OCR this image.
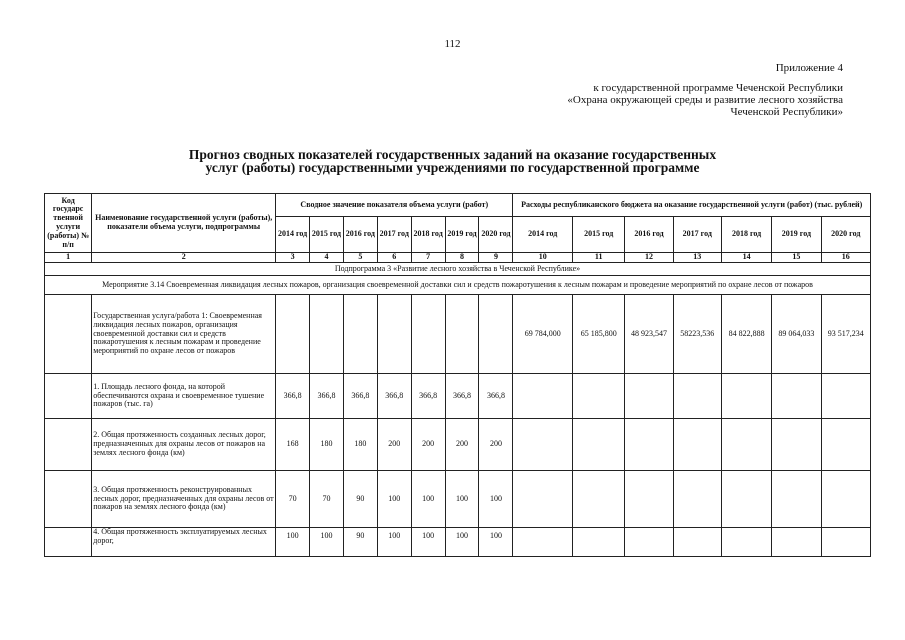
112
Приложение 4
к государственной программе Чеченской Республики
«Охрана окружающей среды и развитие лесного хозяйства
Чеченской Республики»
Прогноз сводных показателей государственных заданий на оказание государственных
услуг (работы) государственными учреждениями по государственной программе
Код государс твенной услуги (работы) № п/п	Наименование государственной услуги (работы), показатели объема услуги, подпрограммы	Сводное значение показателя объема услуги (работ)							Расходы республиканского бюджета на оказание государственной услуги (работ) (тыс. рублей)						
		2014 год	2015 год	2016 год	2017 год	2018 год	2019 год	2020 год	2014 год	2015 год	2016 год	2017 год	2018 год	2019 год	2020 год
1	2	3	4	5	6	7	8	9	10	11	12	13	14	15	16
Подпрограмма 3 «Развитие лесного хозяйства в Чеченской Республике»															
Мероприятие 3.14 Своевременная ликвидация лесных пожаров, организация своевременной доставки сил и средств пожаротушения к лесным пожарам и проведение мероприятий по охране лесов от пожаров															
	Государственная услуга/работа 1: Своевременная ликвидация лесных пожаров, организация своевременной доставки сил и средств пожаротушения к лесным пожарам и проведение мероприятий по охране лесов от пожаров								69 784,000	65 185,800	48 923,547	58223,536	84 822,888	89 064,033	93 517,234
	1. Площадь лесного фонда, на которой обеспечиваются охрана и своевременное тушение пожаров (тыс. га)	366,8	366,8	366,8	366,8	366,8	366,8	366,8							
	2. Общая протяженность созданных лесных дорог, предназначенных для охраны лесов от пожаров на землях лесного фонда (км)	168	180	180	200	200	200	200							
	3. Общая протяженность реконструированных лесных дорог, предназначенных для охраны лесов от пожаров на землях лесного фонда (км)	70	70	90	100	100	100	100							
	4. Общая протяженность эксплуатируемых лесных дорог,	100	100	90	100	100	100	100							
